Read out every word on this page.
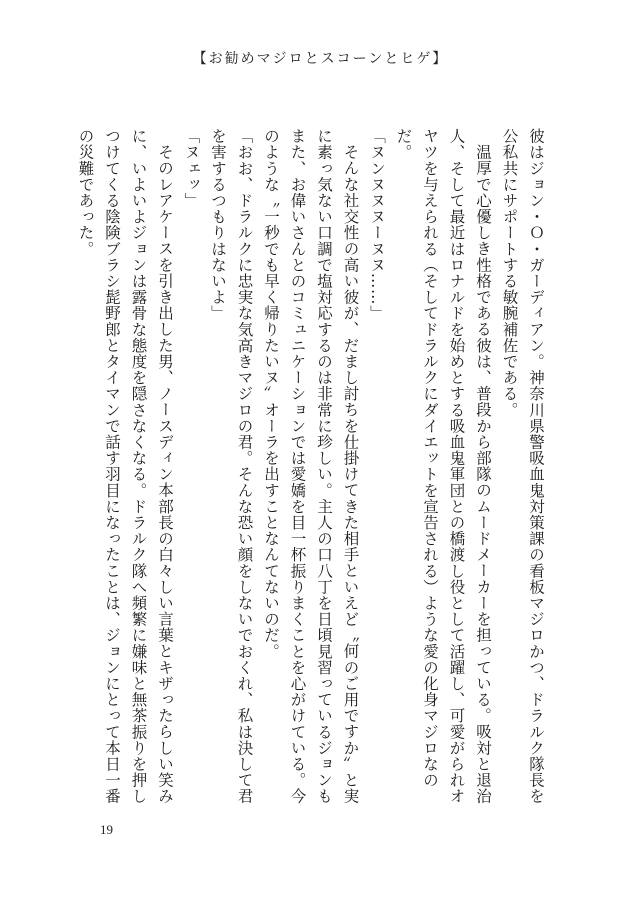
【お勧めマジロとスコーンとヒゲ】

彼はジョン・Ｏ・ガーディアン。神奈川県警吸血鬼対策課の看板マジロかつ、ドラルク隊長を公私共にサポートする敏腕補佐である。

温厚で心優しき性格である彼は、普段から部隊のムードメーカーを担っている。吸対と退治人、そして最近はロナルドを始めとする吸血鬼軍団との橋渡し役として活躍し、可愛がられオヤツを与えられる（そしてドラルクにダイエットを宣告される）ような愛の化身マジロなのだ。

「ヌンヌヌヌーヌヌ……」

そんな社交性の高い彼が、だまし討ちを仕掛けてきた相手といえど〝何のご用ですか〟と実に素っ気ない口調で塩対応するのは非常に珍しい。主人の口八丁を日頃見習っているジョンもまた、お偉いさんとのコミュニケーションでは愛嬌を目一杯振りまくことを心がけている。今のような〝一秒でも早く帰りたいヌ〟オーラを出すことなんてないのだ。

「おお、ドラルクに忠実な気高きマジロの君。そんな恐い顔をしないでおくれ、私は決して君を害するつもりはないよ」

「ヌェッ」

そのレアケースを引き出した男、ノースディン本部長の白々しい言葉とキザったらしい笑みに、いよいよジョンは露骨な態度を隠さなくなる。ドラルク隊へ頻繁に嫌味と無茶振りを押しつけてくる陰険ブラシ髭野郎とタイマンで話す羽目になったことは、ジョンにとって本日一番の災難であった。

19
